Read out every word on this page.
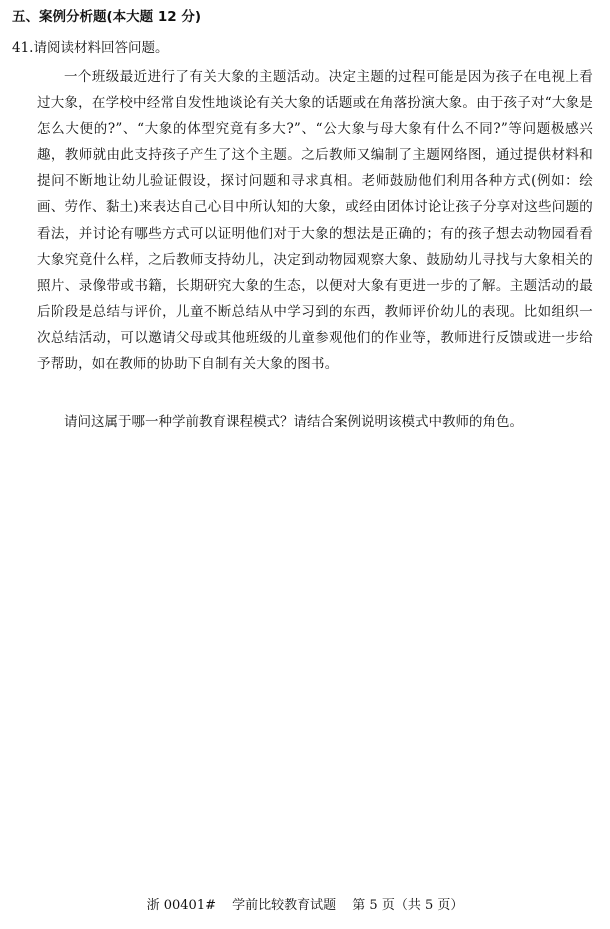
五、案例分析题(本大题 12 分)
41.请阅读材料回答问题。

一个班级最近进行了有关大象的主题活动。决定主题的过程可能是因为孩子在电视上看过大象，在学校中经常自发性地谈论有关大象的话题或在角落扮演大象。由于孩子对“大象是怎么大便的?”、“大象的体型究竟有多大?”、“公大象与母大象有什么不同?”等问题极感兴趣，教师就由此支持孩子产生了这个主题。之后教师又编制了主题网络图，通过提供材料和提问不断地让幼儿验证假设，探讨问题和寻求真相。老师鼓励他们利用各种方式(例如：绘画、劳作、黏土)来表达自己心目中所认知的大象，或经由团体讨论让孩子分享对这些问题的看法，并讨论有哪些方式可以证明他们对于大象的想法是正确的；有的孩子想去动物园看看大象究竟什么样，之后教师支持幼儿，决定到动物园观察大象、鼓励幼儿寻找与大象相关的照片、录像带或书籍，长期研究大象的生态，以便对大象有更进一步的了解。主题活动的最后阶段是总结与评价，儿童不断总结从中学习到的东西，教师评价幼儿的表现。比如组织一次总结活动，可以邀请父母或其他班级的儿童参观他们的作业等，教师进行反馈或进一步给予帮助，如在教师的协助下自制有关大象的图书。

请问这属于哪一种学前教育课程模式？请结合案例说明该模式中教师的角色。

浙 00401# 学前比较教育试题 第 5 页（共 5 页）
